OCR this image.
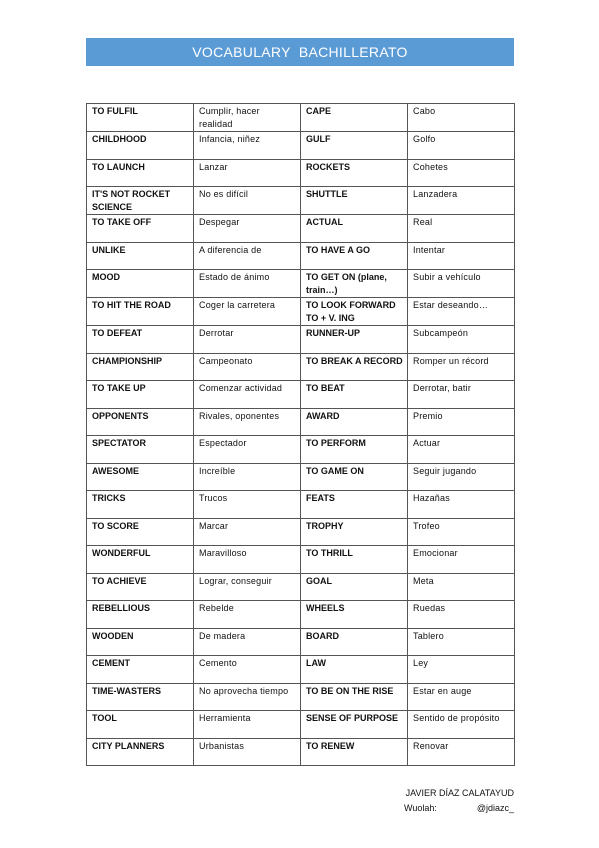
VOCABULARY  BACHILLERATO
TO FULFIL	Cumplir, hacer realidad	CAPE	Cabo
CHILDHOOD	Infancia, niñez	GULF	Golfo
TO LAUNCH	Lanzar	ROCKETS	Cohetes
IT'S NOT ROCKET SCIENCE	No es difícil	SHUTTLE	Lanzadera
TO TAKE OFF	Despegar	ACTUAL	Real
UNLIKE	A diferencia de	TO HAVE A GO	Intentar
MOOD	Estado de ánimo	TO GET ON (plane, train…)	Subir a vehículo
TO HIT THE ROAD	Coger la carretera	TO LOOK FORWARD TO + V. ING	Estar deseando…
TO DEFEAT	Derrotar	RUNNER-UP	Subcampeón
CHAMPIONSHIP	Campeonato	TO BREAK A RECORD	Romper un récord
TO TAKE UP	Comenzar actividad	TO BEAT	Derrotar, batir
OPPONENTS	Rivales, oponentes	AWARD	Premio
SPECTATOR	Espectador	TO PERFORM	Actuar
AWESOME	Increíble	TO GAME ON	Seguir jugando
TRICKS	Trucos	FEATS	Hazañas
TO SCORE	Marcar	TROPHY	Trofeo
WONDERFUL	Maravilloso	TO THRILL	Emocionar
TO ACHIEVE	Lograr, conseguir	GOAL	Meta
REBELLIOUS	Rebelde	WHEELS	Ruedas
WOODEN	De madera	BOARD	Tablero
CEMENT	Cemento	LAW	Ley
TIME-WASTERS	No aprovecha tiempo	TO BE ON THE RISE	Estar en auge
TOOL	Herramienta	SENSE OF PURPOSE	Sentido de propósito
CITY PLANNERS	Urbanistas	TO RENEW	Renovar
JAVIER DÍAZ CALATAYUD
Wuolah:	@jdiazc_
